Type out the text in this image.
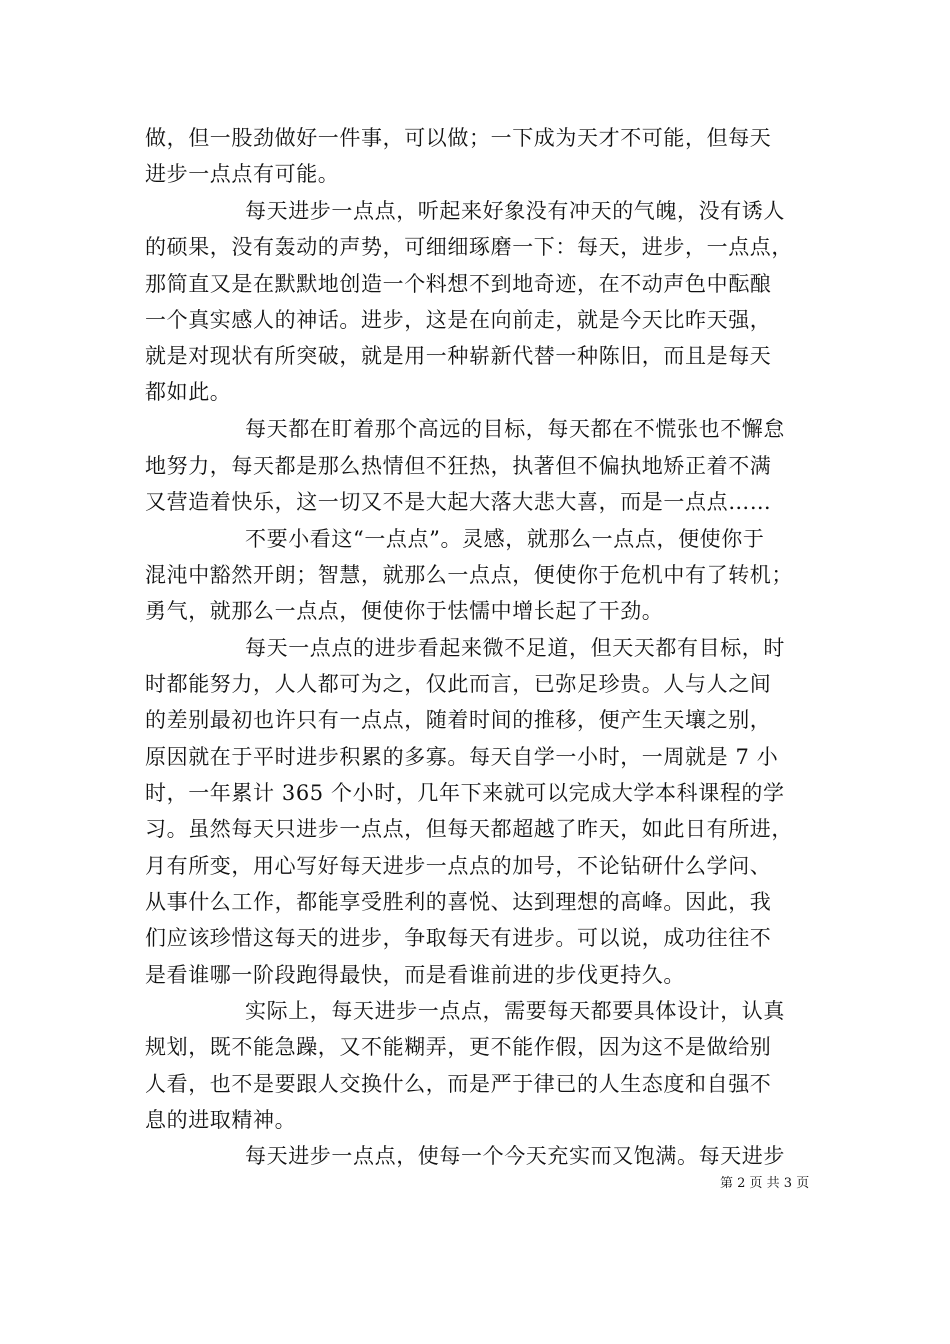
做，但一股劲做好一件事，可以做；一下成为天才不可能，但每天
进步一点点有可能。
每天进步一点点，听起来好象没有冲天的气魄，没有诱人
的硕果，没有轰动的声势，可细细琢磨一下：每天，进步，一点点，
那简直又是在默默地创造一个料想不到地奇迹，在不动声色中酝酿
一个真实感人的神话。进步，这是在向前走，就是今天比昨天强，
就是对现状有所突破，就是用一种崭新代替一种陈旧，而且是每天
都如此。
每天都在盯着那个高远的目标，每天都在不慌张也不懈怠
地努力，每天都是那么热情但不狂热，执著但不偏执地矫正着不满
又营造着快乐，这一切又不是大起大落大悲大喜，而是一点点……
不要小看这“一点点”。灵感，就那么一点点，便使你于
混沌中豁然开朗；智慧，就那么一点点，便使你于危机中有了转机；
勇气，就那么一点点，便使你于怯懦中增长起了干劲。
每天一点点的进步看起来微不足道，但天天都有目标，时
时都能努力，人人都可为之，仅此而言，已弥足珍贵。人与人之间
的差别最初也许只有一点点，随着时间的推移，便产生天壤之别，
原因就在于平时进步积累的多寡。每天自学一小时，一周就是 7 小
时，一年累计 365 个小时，几年下来就可以完成大学本科课程的学
习。虽然每天只进步一点点，但每天都超越了昨天，如此日有所进，
月有所变，用心写好每天进步一点点的加号，不论钻研什么学问、
从事什么工作，都能享受胜利的喜悦、达到理想的高峰。因此，我
们应该珍惜这每天的进步，争取每天有进步。可以说，成功往往不
是看谁哪一阶段跑得最快，而是看谁前进的步伐更持久。
实际上，每天进步一点点，需要每天都要具体设计，认真
规划，既不能急躁，又不能糊弄，更不能作假，因为这不是做给别
人看，也不是要跟人交换什么，而是严于律已的人生态度和自强不
息的进取精神。
每天进步一点点，使每一个今天充实而又饱满。每天进步
第 2 页 共 3 页
